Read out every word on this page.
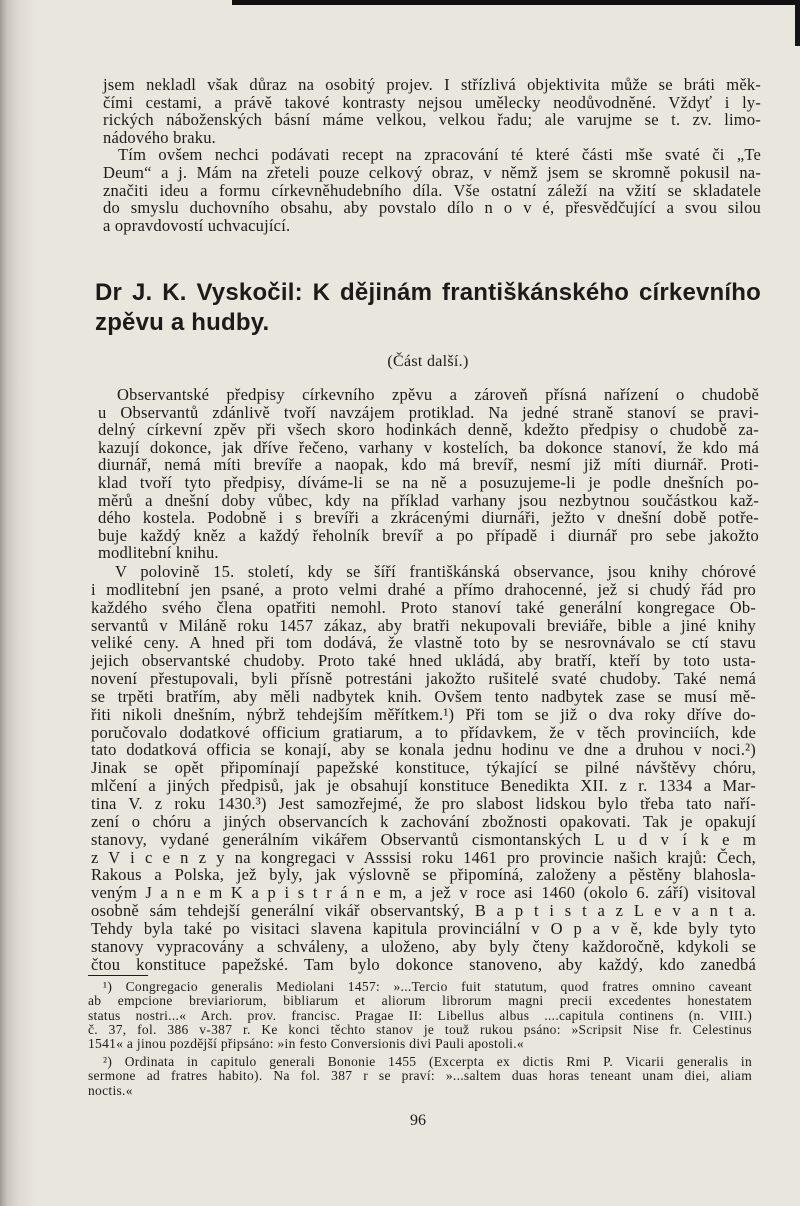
jsem nekladl však důraz na osobitý projev. I střízlivá objektivita může se bráti měk-
čími cestami, a právě takové kontrasty nejsou umělecky neodůvodněné. Vždyť i ly-
rických náboženských básní máme velkou, velkou řadu; ale varujme se t. zv. limo-
nádového braku.
Tím ovšem nechci podávati recept na zpracování té které části mše svaté či „Te
Deum“ a j. Mám na zřeteli pouze celkový obraz, v němž jsem se skromně pokusil na-
značiti ideu a formu církevněhudebního díla. Vše ostatní záleží na vžití se skladatele
do smyslu duchovního obsahu, aby povstalo dílo n o v é, přesvědčující a svou silou
a opravdovostí uchvacující.
Dr J. K. Vyskočil: K dějinám františkánského církevního
zpěvu a hudby.
(Část další.)
Observantské předpisy církevního zpěvu a zároveň přísná nařízení o chudobě
u Observantů zdánlivě tvoří navzájem protiklad. Na jedné straně stanoví se pravi-
delný církevní zpěv při všech skoro hodinkách denně, kdežto předpisy o chudobě za-
kazují dokonce, jak dříve řečeno, varhany v kostelích, ba dokonce stanoví, že kdo má
diurnář, nemá míti brevíře a naopak, kdo má brevíř, nesmí již míti diurnář. Proti-
klad tvoří tyto předpisy, díváme-li se na ně a posuzujeme-li je podle dnešních po-
měrů a dnešní doby vůbec, kdy na příklad varhany jsou nezbytnou součástkou kaž-
dého kostela. Podobně i s brevíři a zkrácenými diurnáři, ježto v dnešní době potře-
buje každý kněz a každý řeholník brevíř a po případě i diurnář pro sebe jakožto
modlitební knihu.
V polovině 15. století, kdy se šíří františkánská observance, jsou knihy chórové
i modlitební jen psané, a proto velmi drahé a přímo drahocenné, jež si chudý řád pro
každého svého člena opatřiti nemohl. Proto stanoví také generální kongregace Ob-
servantů v Miláně roku 1457 zákaz, aby bratři nekupovali breviáře, bible a jiné knihy
veliké ceny. A hned při tom dodává, že vlastně toto by se nesrovnávalo se ctí stavu
jejich observantské chudoby. Proto také hned ukládá, aby bratří, kteří by toto usta-
novení přestupovali, byli přísně potrestáni jakožto rušitelé svaté chudoby. Také nemá
se trpěti bratřím, aby měli nadbytek knih. Ovšem tento nadbytek zase se musí mě-
řiti nikoli dnešním, nýbrž tehdejším měřítkem.¹) Při tom se již o dva roky dříve do-
poručovalo dodatkové officium gratiarum, a to přídavkem, že v těch provinciích, kde
tato dodatková officia se konají, aby se konala jednu hodinu ve dne a druhou v noci.²)
Jinak se opět připomínají papežské konstituce, týkající se pilné návštěvy chóru,
mlčení a jiných předpisů, jak je obsahují konstituce Benedikta XII. z r. 1334 a Mar-
tina V. z roku 1430.³) Jest samozřejmé, že pro slabost lidskou bylo třeba tato naří-
zení o chóru a jiných observancích k zachování zbožnosti opakovati. Tak je opakují
stanovy, vydané generálním vikářem Observantů cismontanských L u d v í k e m
z V i c e n z y na kongregaci v Asssisi roku 1461 pro provincie našich krajů: Čech,
Rakous a Polska, jež byly, jak výslovně se připomíná, založeny a pěstěny blahosla-
veným J a n e m K a p i s t r á n e m, a jež v roce asi 1460 (okolo 6. září) visitoval
osobně sám tehdejší generální vikář observantský, B a p t i s t a z L e v a n t a.
Tehdy byla také po visitaci slavena kapitula provinciální v O p a v ě, kde byly tyto
stanovy vypracovány a schváleny, a uloženo, aby byly čteny každoročně, kdykoli se
čtou konstituce papežské. Tam bylo dokonce stanoveno, aby každý, kdo zanedbá
¹) Congregacio generalis Mediolani 1457: »...Tercio fuit statutum, quod fratres omnino caveant
ab empcione breviariorum, bibliarum et aliorum librorum magni precii excedentes honestatem
status nostri...« Arch. prov. francisc. Pragae II: Libellus albus ....capitula continens (n. VIII.)
č. 37, fol. 386 v-387 r. Ke konci těchto stanov je touž rukou psáno: »Scripsit Nise fr. Celestinus
1541« a jinou pozdější připsáno: »in festo Conversionis divi Pauli apostoli.«
²) Ordinata in capitulo generali Bononie 1455 (Excerpta ex dictis Rmi P. Vicarii generalis in
sermone ad fratres habito). Na fol. 387 r se praví: »...saltem duas horas teneant unam diei, aliam
noctis.«
96
